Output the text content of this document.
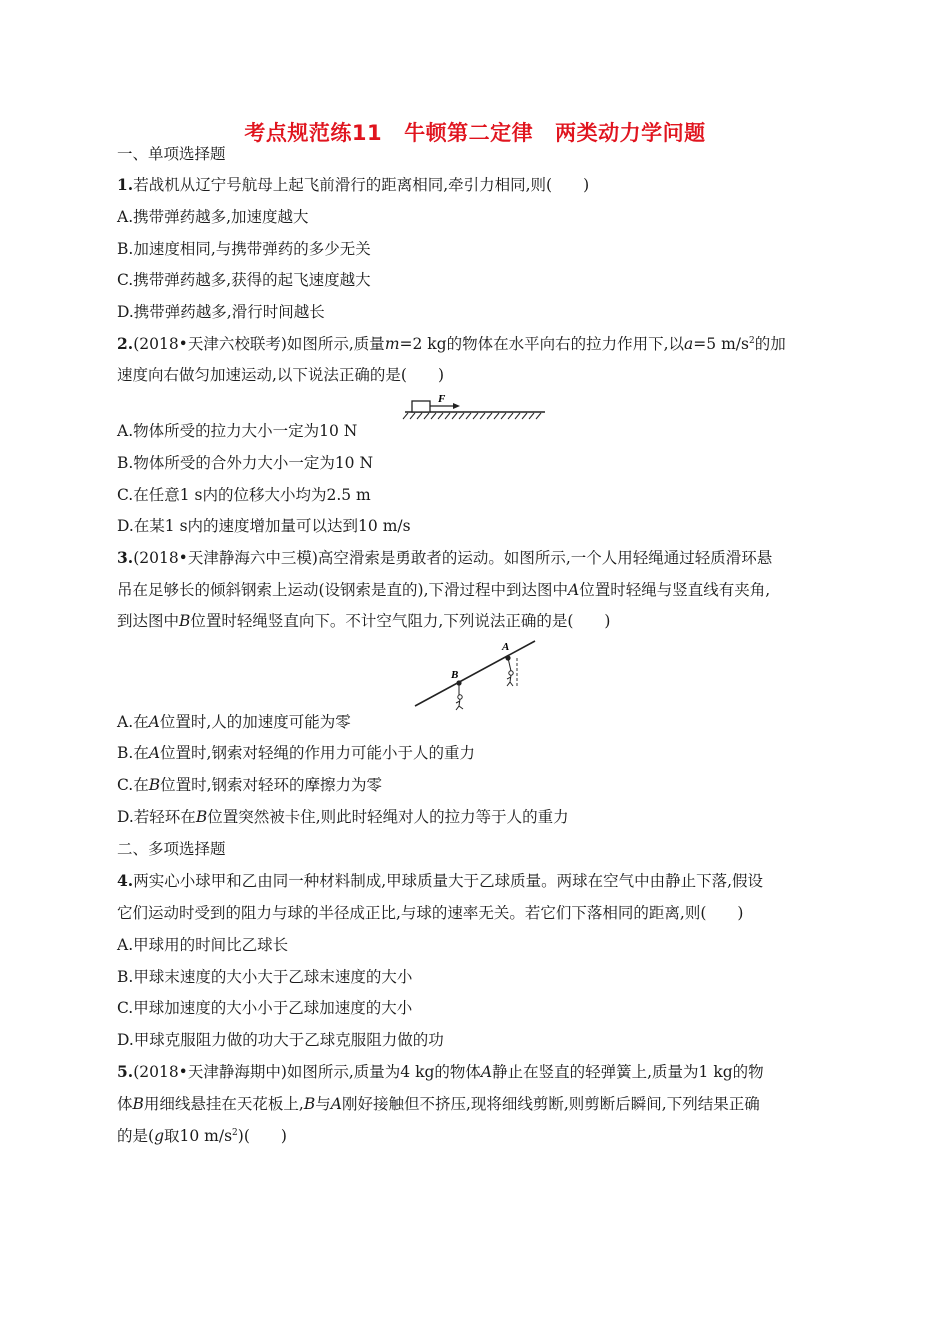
考点规范练11 牛顿第二定律 两类动力学问题
一、单项选择题
1.若战机从辽宁号航母上起飞前滑行的距离相同,牵引力相同,则(　　)
A.携带弹药越多,加速度越大
B.加速度相同,与携带弹药的多少无关
C.携带弹药越多,获得的起飞速度越大
D.携带弹药越多,滑行时间越长
2.(2018•天津六校联考)如图所示,质量m=2 kg的物体在水平向右的拉力作用下,以a=5 $m/s^2$的加
速度向右做匀加速运动,以下说法正确的是(　　)
F
A.物体所受的拉力大小一定为10 N
B.物体所受的合外力大小一定为10 N
C.在任意1 s内的位移大小均为2.5 m
D.在某1 s内的速度增加量可以达到10 m/s
3.(2018•天津静海六中三模)高空滑索是勇敢者的运动。如图所示,一个人用轻绳通过轻质滑环悬
吊在足够长的倾斜钢索上运动(设钢索是直的),下滑过程中到达图中A位置时轻绳与竖直线有夹角,
到达图中B位置时轻绳竖直向下。不计空气阻力,下列说法正确的是(　　)
A
B
A.在A位置时,人的加速度可能为零
B.在A位置时,钢索对轻绳的作用力可能小于人的重力
C.在B位置时,钢索对轻环的摩擦力为零
D.若轻环在B位置突然被卡住,则此时轻绳对人的拉力等于人的重力
二、多项选择题
4.两实心小球甲和乙由同一种材料制成,甲球质量大于乙球质量。两球在空气中由静止下落,假设
它们运动时受到的阻力与球的半径成正比,与球的速率无关。若它们下落相同的距离,则(　　)
A.甲球用的时间比乙球长
B.甲球末速度的大小大于乙球末速度的大小
C.甲球加速度的大小小于乙球加速度的大小
D.甲球克服阻力做的功大于乙球克服阻力做的功
5.(2018•天津静海期中)如图所示,质量为4 kg的物体A静止在竖直的轻弹簧上,质量为1 kg的物
体B用细线悬挂在天花板上,B与A刚好接触但不挤压,现将细线剪断,则剪断后瞬间,下列结果正确
的是(g取10 $m/s^2$)(　　)
